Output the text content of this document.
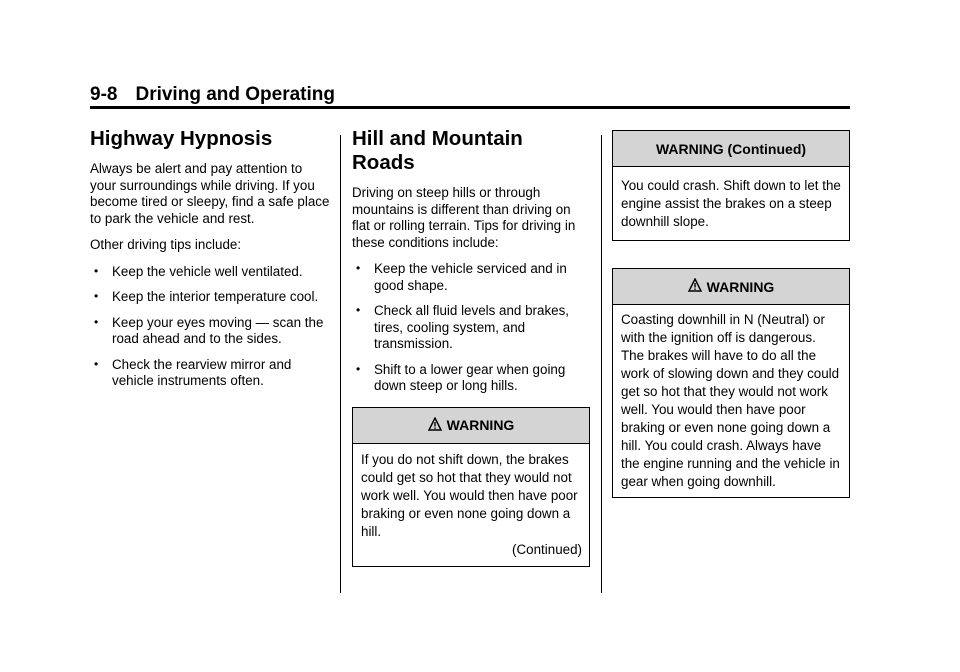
9-8 Driving and Operating
Highway Hypnosis

Always be alert and pay attention to your surroundings while driving. If you become tired or sleepy, find a safe place to park the vehicle and rest.

Other driving tips include:

• Keep the vehicle well ventilated.
• Keep the interior temperature cool.
• Keep your eyes moving — scan the road ahead and to the sides.
• Check the rearview mirror and vehicle instruments often.
Hill and Mountain Roads

Driving on steep hills or through mountains is different than driving on flat or rolling terrain. Tips for driving in these conditions include:

• Keep the vehicle serviced and in good shape.
• Check all fluid levels and brakes, tires, cooling system, and transmission.
• Shift to a lower gear when going down steep or long hills.
WARNING
If you do not shift down, the brakes could get so hot that they would not work well. You would then have poor braking or even none going down a hill.
(Continued)
WARNING (Continued)
You could crash. Shift down to let the engine assist the brakes on a steep downhill slope.
WARNING
Coasting downhill in N (Neutral) or with the ignition off is dangerous. The brakes will have to do all the work of slowing down and they could get so hot that they would not work well. You would then have poor braking or even none going down a hill. You could crash. Always have the engine running and the vehicle in gear when going downhill.
